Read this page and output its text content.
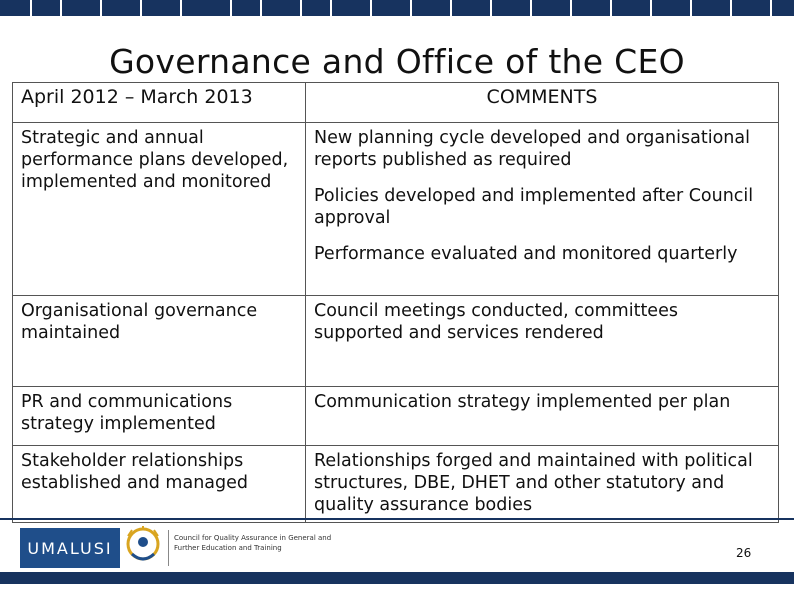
Governance and Office of the CEO
April 2012 – March 2013	COMMENTS

Strategic and annual performance plans developed, implemented and monitored	New planning cycle developed and organisational reports published as required

Policies developed and implemented after Council approval

Performance evaluated and monitored quarterly

Organisational governance maintained	Council meetings conducted, committees supported and services rendered

PR and communications strategy implemented	Communication strategy implemented per plan

Stakeholder relationships established and managed	Relationships forged and maintained with political structures, DBE, DHET and other statutory and quality assurance bodies

UMALUSI
Council for Quality Assurance in General and Further Education and Training	26
